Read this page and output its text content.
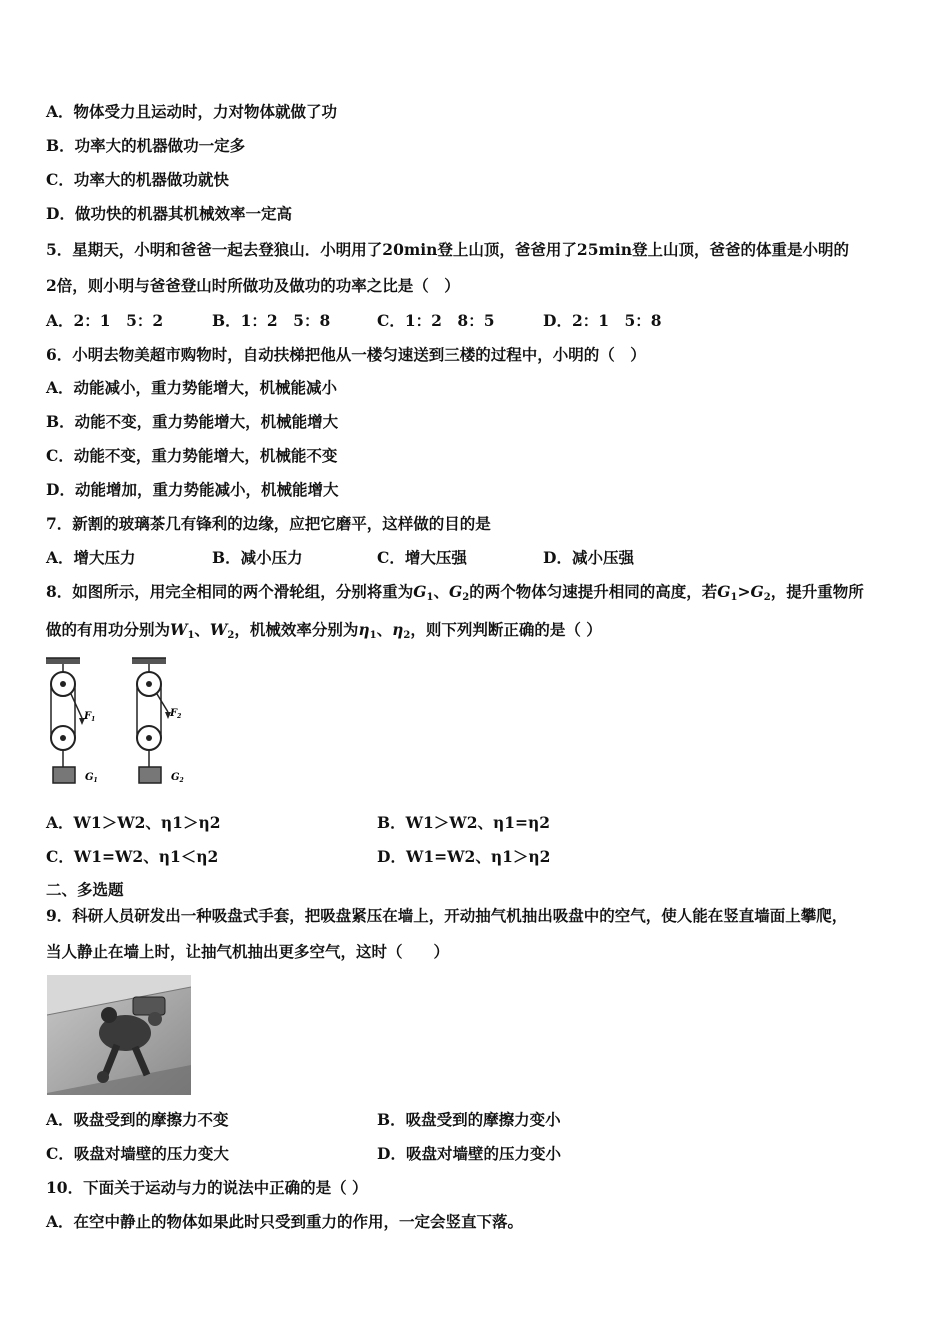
A．物体受力且运动时，力对物体就做了功
B．功率大的机器做功一定多
C．功率大的机器做功就快
D．做功快的机器其机械效率一定高
5．星期天，小明和爸爸一起去登狼山．小明用了20min登上山顶，爸爸用了25min登上山顶，爸爸的体重是小明的
2倍，则小明与爸爸登山时所做功及做功的功率之比是（　）
A．2：1　5：2	B．1：2　5：8	C．1：2　8：5	D．2：1　5：8
6．小明去物美超市购物时，自动扶梯把他从一楼匀速送到三楼的过程中，小明的（　）
A．动能减小，重力势能增大，机械能减小
B．动能不变，重力势能增大，机械能增大
C．动能不变，重力势能增大，机械能不变
D．动能增加，重力势能减小，机械能增大
7．新割的玻璃茶几有锋利的边缘，应把它磨平，这样做的目的是
A．增大压力	B．减小压力	C．增大压强	D．减小压强
8．如图所示，用完全相同的两个滑轮组，分别将重为$G_1$、$G_2$的两个物体匀速提升相同的高度，若$G_1>G_2$，提升重物所
做的有用功分别为$W_1$、$W_2$，机械效率分别为$\eta_1$、$\eta_2$，则下列判断正确的是（ ）
$F_1$
$G_1$
$F_2$
$G_2$
A．W1＞W2、η1＞η2	B．W1＞W2、η1=η2
C．W1=W2、η1＜η2	D．W1=W2、η1＞η2
二、多选题
9．科研人员研发出一种吸盘式手套，把吸盘紧压在墙上，开动抽气机抽出吸盘中的空气，使人能在竖直墙面上攀爬，
当人静止在墙上时，让抽气机抽出更多空气，这时（　　）
A．吸盘受到的摩擦力不变	B．吸盘受到的摩擦力变小
C．吸盘对墙壁的压力变大	D．吸盘对墙壁的压力变小
10．下面关于运动与力的说法中正确的是（ ）
A．在空中静止的物体如果此时只受到重力的作用，一定会竖直下落。
